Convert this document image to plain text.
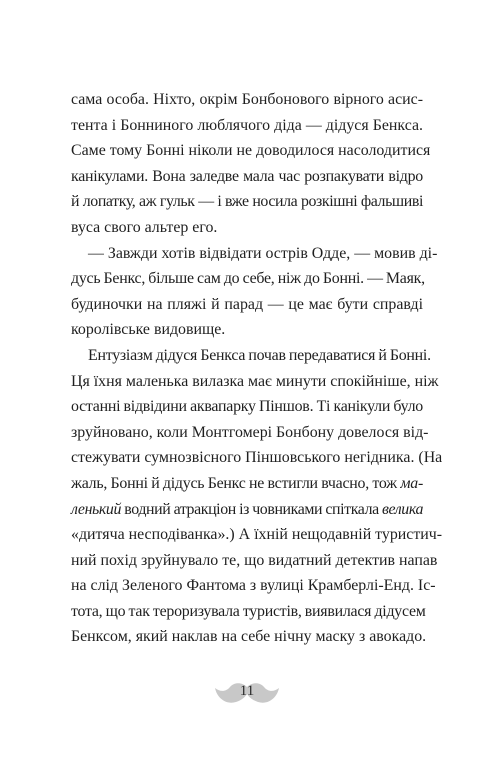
сама особа. Ніхто, окрім Бонбонового вірного асис-
тента і Бонниного люблячого діда — дідуся Бенкса.
Саме тому Бонні ніколи не доводилося насолодитися
канікулами. Вона заледве мала час розпакувати відро
й лопатку, аж гульк — і вже носила розкішні фальшиві
вуса свого альтер его.

— Завжди хотів відвідати острів Одде, — мовив ді-
дусь Бенкс, більше сам до себе, ніж до Бонні. — Маяк,
будиночки на пляжі й парад — це має бути справді
королівське видовище.

Ентузіазм дідуся Бенкса почав передаватися й Бонні.
Ця їхня маленька вилазка має минути спокійніше, ніж
останні відвідини аквапарку Піншов. Ті канікули було
зруйновано, коли Монтгомері Бонбону довелося від-
стежувати сумнозвісного Піншовського негідника. (На
жаль, Бонні й дідусь Бенкс не встигли вчасно, тож ма-
ленький водний атракціон із човниками спіткала велика
«дитяча несподіванка».) А їхній нещодавній туристич-
ний похід зруйнувало те, що видатний детектив напав
на слід Зеленого Фантома з вулиці Крамберлі-Енд. Іс-
тота, що так тероризувала туристів, виявилася дідусем
Бенксом, який наклав на себе нічну маску з авокадо.

11
